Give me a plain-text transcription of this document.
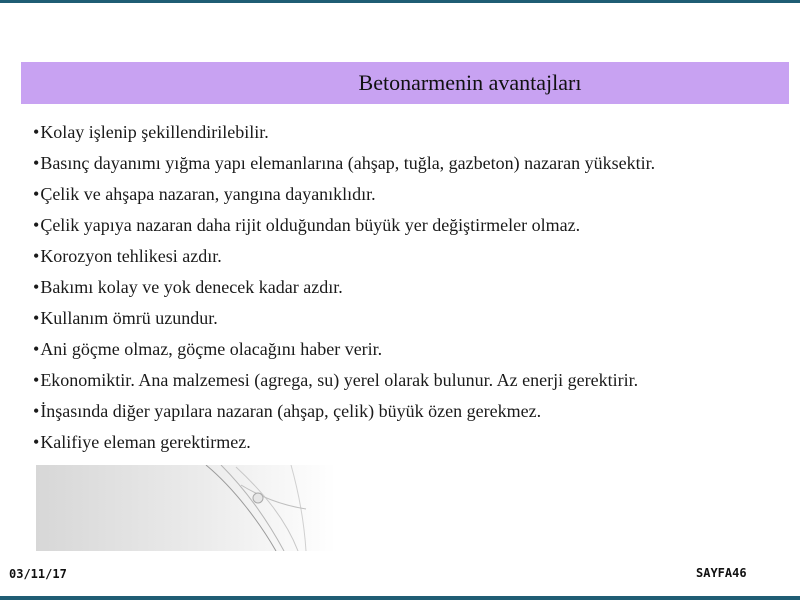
Betonarmenin avantajları
• Kolay işlenip şekillendirilebilir.
• Basınç dayanımı yığma yapı elemanlarına (ahşap, tuğla, gazbeton) nazaran yüksektir.
• Çelik ve ahşapa nazaran, yangına dayanıklıdır.
• Çelik yapıya nazaran daha rijit olduğundan büyük yer değiştirmeler olmaz.
• Korozyon tehlikesi azdır.
• Bakımı kolay ve yok denecek kadar azdır.
• Kullanım ömrü uzundur.
• Ani göçme olmaz, göçme olacağını haber verir.
• Ekonomiktir. Ana malzemesi (agrega, su) yerel olarak bulunur. Az enerji gerektirir.
• İnşasında diğer yapılara nazaran (ahşap, çelik) büyük özen gerekmez.
• Kalifiye eleman gerektirmez.
03/11/17	SAYFA46
